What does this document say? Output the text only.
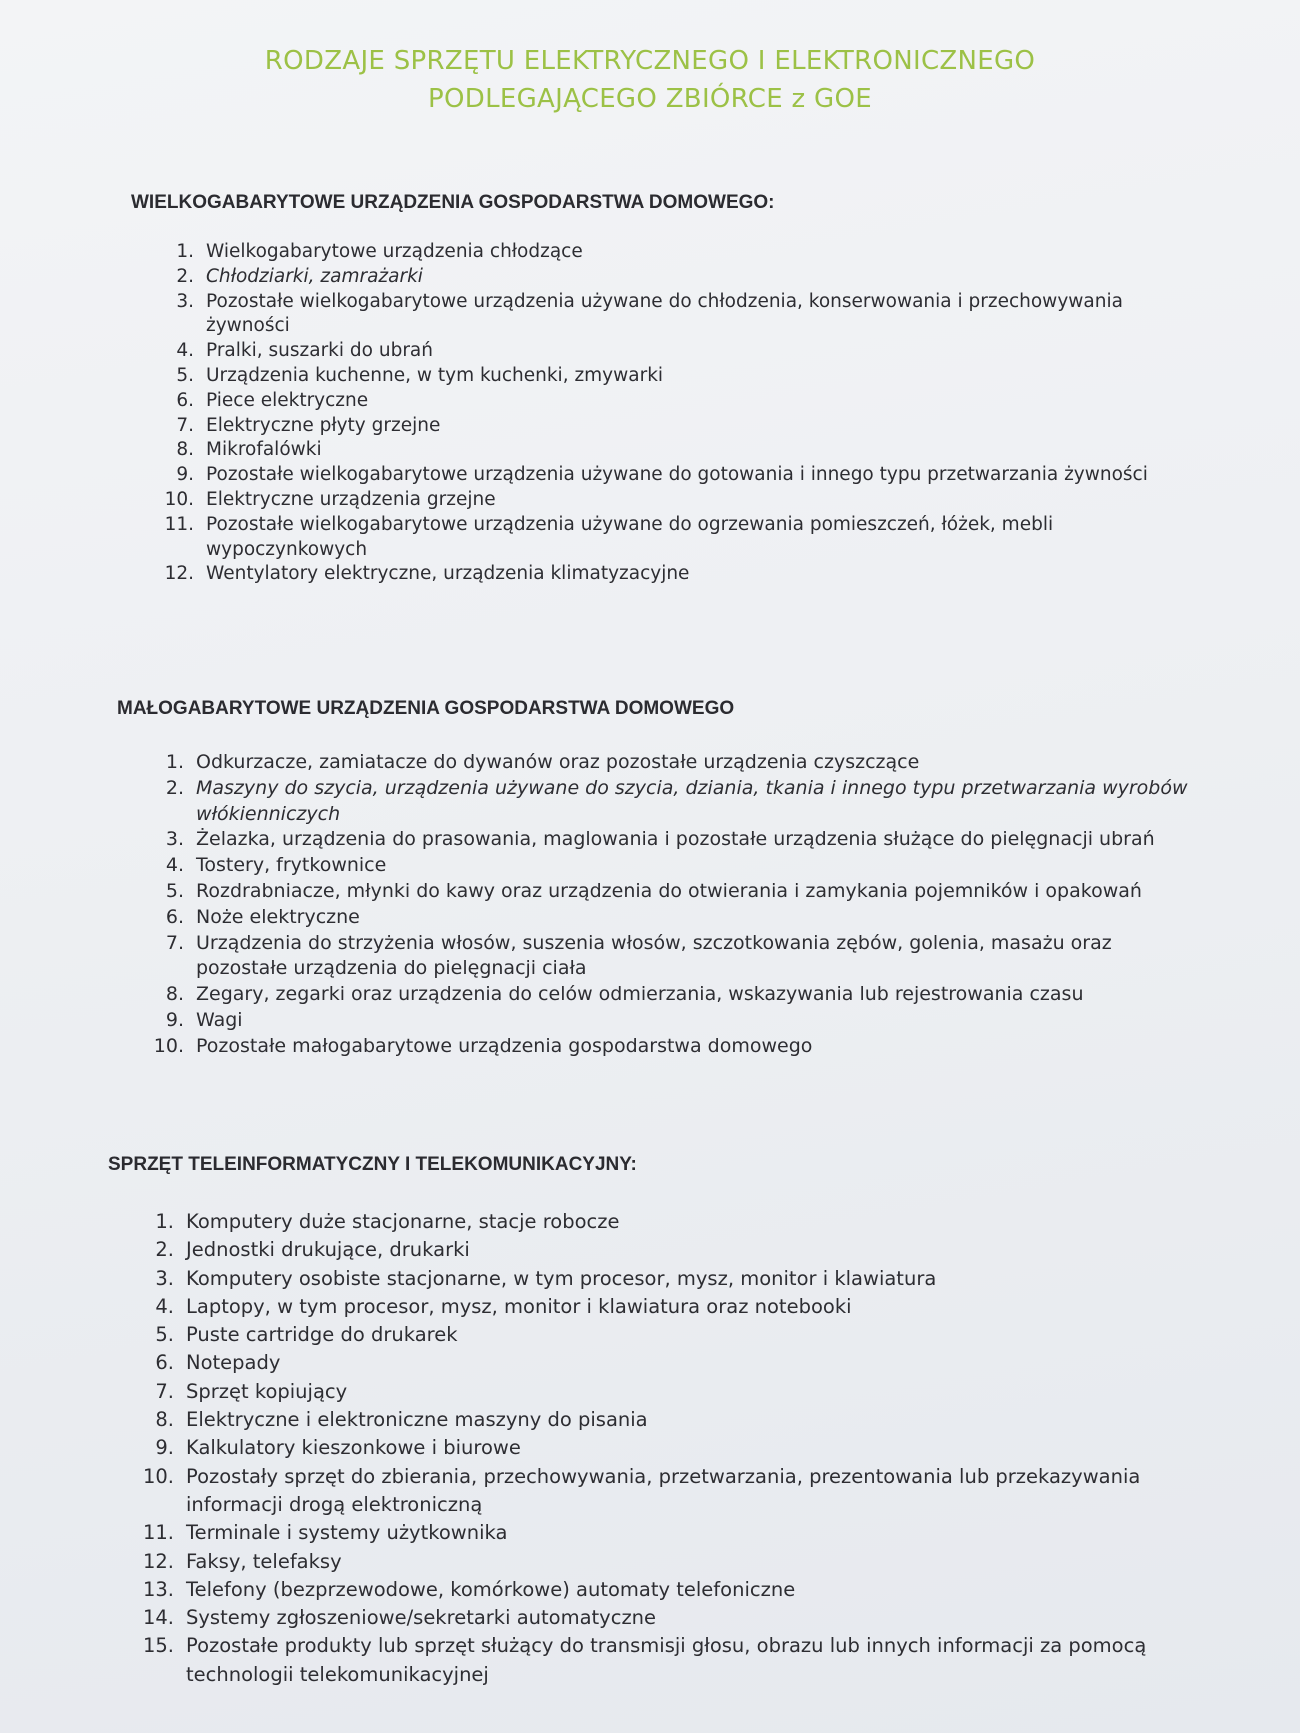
RODZAJE SPRZĘTU ELEKTRYCZNEGO I ELEKTRONICZNEGO
PODLEGAJĄCEGO ZBIÓRCE z GOE
WIELKOGABARYTOWE URZĄDZENIA GOSPODARSTWA DOMOWEGO:
1. Wielkogabarytowe urządzenia chłodzące
2. Chłodziarki, zamrażarki
3. Pozostałe wielkogabarytowe urządzenia używane do chłodzenia, konserwowania i przechowywania żywności
4. Pralki, suszarki do ubrań
5. Urządzenia kuchenne, w tym kuchenki, zmywarki
6. Piece elektryczne
7. Elektryczne płyty grzejne
8. Mikrofalówki
9. Pozostałe wielkogabarytowe urządzenia używane do gotowania i innego typu przetwarzania żywności
10. Elektryczne urządzenia grzejne
11. Pozostałe wielkogabarytowe urządzenia używane do ogrzewania pomieszczeń, łóżek, mebli wypoczynkowych
12. Wentylatory elektryczne, urządzenia klimatyzacyjne
MAŁOGABARYTOWE URZĄDZENIA GOSPODARSTWA DOMOWEGO
1. Odkurzacze, zamiatacze do dywanów oraz pozostałe urządzenia czyszczące
2. Maszyny do szycia, urządzenia używane do szycia, dziania, tkania i innego typu przetwarzania wyrobów włókienniczych
3. Żelazka, urządzenia do prasowania, maglowania i pozostałe urządzenia służące do pielęgnacji ubrań
4. Tostery, frytkownice
5. Rozdrabniacze, młynki do kawy oraz urządzenia do otwierania i zamykania pojemników i opakowań
6. Noże elektryczne
7. Urządzenia do strzyżenia włosów, suszenia włosów, szczotkowania zębów, golenia, masażu oraz pozostałe urządzenia do pielęgnacji ciała
8. Zegary, zegarki oraz urządzenia do celów odmierzania, wskazywania lub rejestrowania czasu
9. Wagi
10. Pozostałe małogabarytowe urządzenia gospodarstwa domowego
SPRZĘT TELEINFORMATYCZNY I TELEKOMUNIKACYJNY:
1. Komputery duże stacjonarne, stacje robocze
2. Jednostki drukujące, drukarki
3. Komputery osobiste stacjonarne, w tym procesor, mysz, monitor i klawiatura
4. Laptopy, w tym procesor, mysz, monitor i klawiatura oraz notebooki
5. Puste cartridge do drukarek
6. Notepady
7. Sprzęt kopiujący
8. Elektryczne i elektroniczne maszyny do pisania
9. Kalkulatory kieszonkowe i biurowe
10. Pozostały sprzęt do zbierania, przechowywania, przetwarzania, prezentowania lub przekazywania informacji drogą elektroniczną
11. Terminale i systemy użytkownika
12. Faksy, telefaksy
13. Telefony (bezprzewodowe, komórkowe) automaty telefoniczne
14. Systemy zgłoszeniowe/sekretarki automatyczne
15. Pozostałe produkty lub sprzęt służący do transmisji głosu, obrazu lub innych informacji za pomocą technologii telekomunikacyjnej
